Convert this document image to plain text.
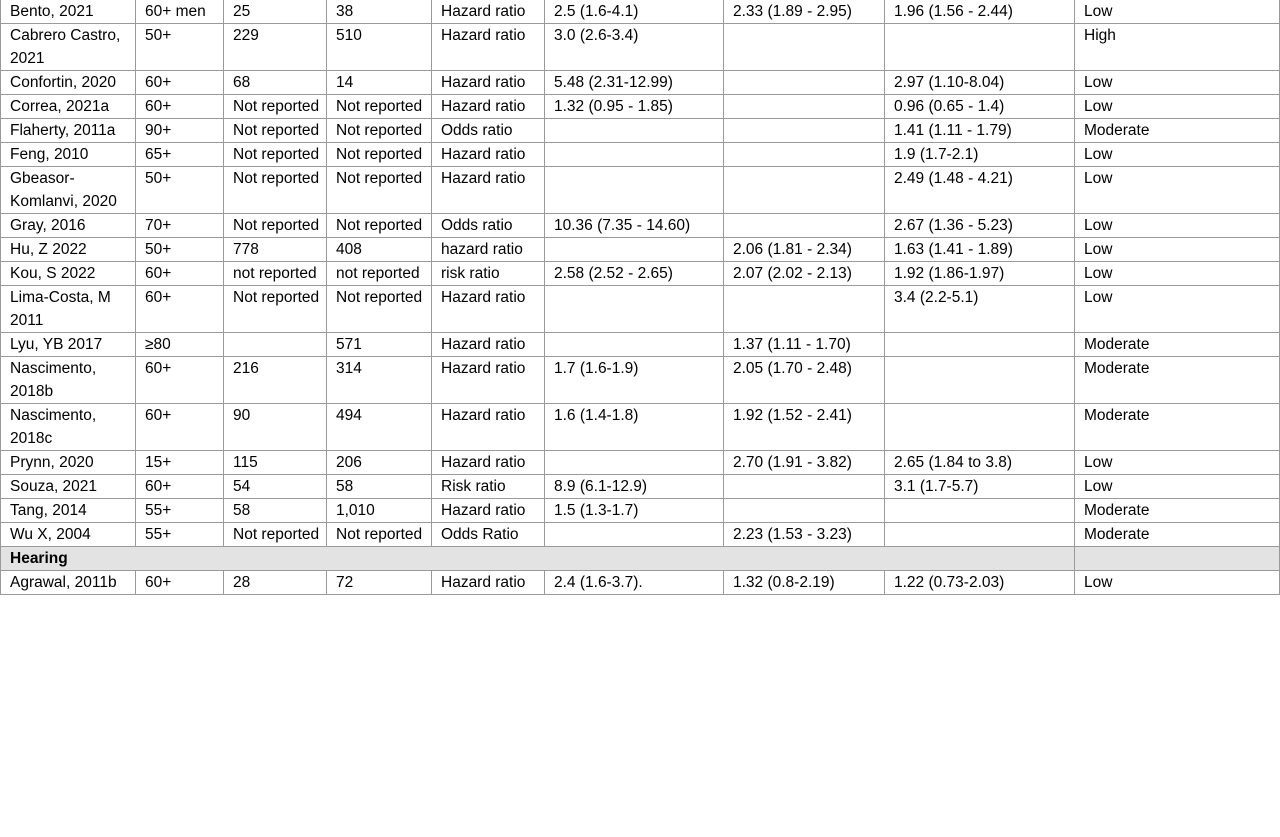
Bento, 2021	60+ men	25	38	Hazard ratio	2.5 (1.6-4.1)	2.33 (1.89 - 2.95)	1.96 (1.56 - 2.44)	Low
Cabrero Castro, 2021	50+	229	510	Hazard ratio	3.0 (2.6-3.4)			High
Confortin, 2020	60+	68	14	Hazard ratio	5.48 (2.31-12.99)		2.97 (1.10-8.04)	Low
Correa, 2021a	60+	Not reported	Not reported	Hazard ratio	1.32 (0.95 - 1.85)		0.96 (0.65 - 1.4)	Low
Flaherty, 2011a	90+	Not reported	Not reported	Odds ratio			1.41 (1.11 - 1.79)	Moderate
Feng, 2010	65+	Not reported	Not reported	Hazard ratio			1.9 (1.7-2.1)	Low
Gbeasor-Komlanvi, 2020	50+	Not reported	Not reported	Hazard ratio			2.49 (1.48 - 4.21)	Low
Gray, 2016	70+	Not reported	Not reported	Odds ratio	10.36 (7.35 - 14.60)		2.67 (1.36 - 5.23)	Low
Hu, Z 2022	50+	778	408	hazard ratio		2.06 (1.81 - 2.34)	1.63 (1.41 - 1.89)	Low
Kou, S 2022	60+	not reported	not reported	risk ratio	2.58 (2.52 - 2.65)	2.07 (2.02 - 2.13)	1.92 (1.86-1.97)	Low
Lima-Costa, M 2011	60+	Not reported	Not reported	Hazard ratio			3.4 (2.2-5.1)	Low
Lyu, YB 2017	≥80		571	Hazard ratio		1.37 (1.11 - 1.70)		Moderate
Nascimento, 2018b	60+	216	314	Hazard ratio	1.7 (1.6-1.9)	2.05 (1.70 - 2.48)		Moderate
Nascimento, 2018c	60+	90	494	Hazard ratio	1.6 (1.4-1.8)	1.92 (1.52 - 2.41)		Moderate
Prynn, 2020	15+	115	206	Hazard ratio		2.70 (1.91 - 3.82)	2.65 (1.84 to 3.8)	Low
Souza, 2021	60+	54	58	Risk ratio	8.9 (6.1-12.9)		3.1 (1.7-5.7)	Low
Tang, 2014	55+	58	1,010	Hazard ratio	1.5 (1.3-1.7)			Moderate
Wu X, 2004	55+	Not reported	Not reported	Odds Ratio		2.23 (1.53 - 3.23)		Moderate
Hearing								
Agrawal, 2011b	60+	28	72	Hazard ratio	2.4 (1.6-3.7).	1.32 (0.8-2.19)	1.22 (0.73-2.03)	Low
